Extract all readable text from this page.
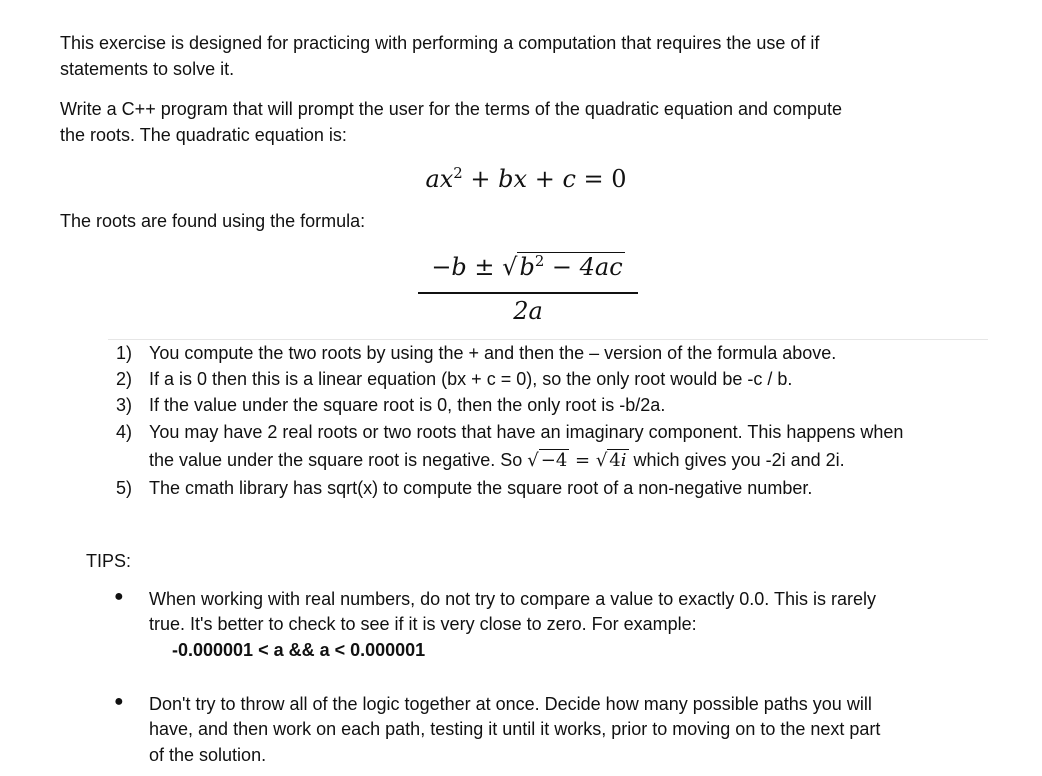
This exercise is designed for practicing with performing a computation that requires the use of if

statements to solve it.

Write a C++ program that will prompt the user for the terms of the quadratic equation and compute

the roots. The quadratic equation is:

$ax^2$ + bx + c = 0

The roots are found using the formula:

$-b \pm √b^2 - 4ac$
2a
1) You compute the two roots by using the + and then the – version of the formula above.
2) If a is 0 then this is a linear equation (bx + c = 0), so the only root would be -c / b.
3) If the value under the square root is 0, then the only root is -b/2a.
4) You may have 2 real roots or two roots that have an imaginary component. This happens when
the value under the square root is negative. So √ −4 = √ 4i which gives you -2i and 2i.
5) The cmath library has sqrt(x) to compute the square root of a non-negative number.
TIPS:
● When working with real numbers, do not try to compare a value to exactly 0.0. This is rarely
true. It's better to check to see if it is very close to zero. For example:
-0.000001 < a && a < 0.000001
● Don't try to throw all of the logic together at once. Decide how many possible paths you will
have, and then work on each path, testing it until it works, prior to moving on to the next part
of the solution.
